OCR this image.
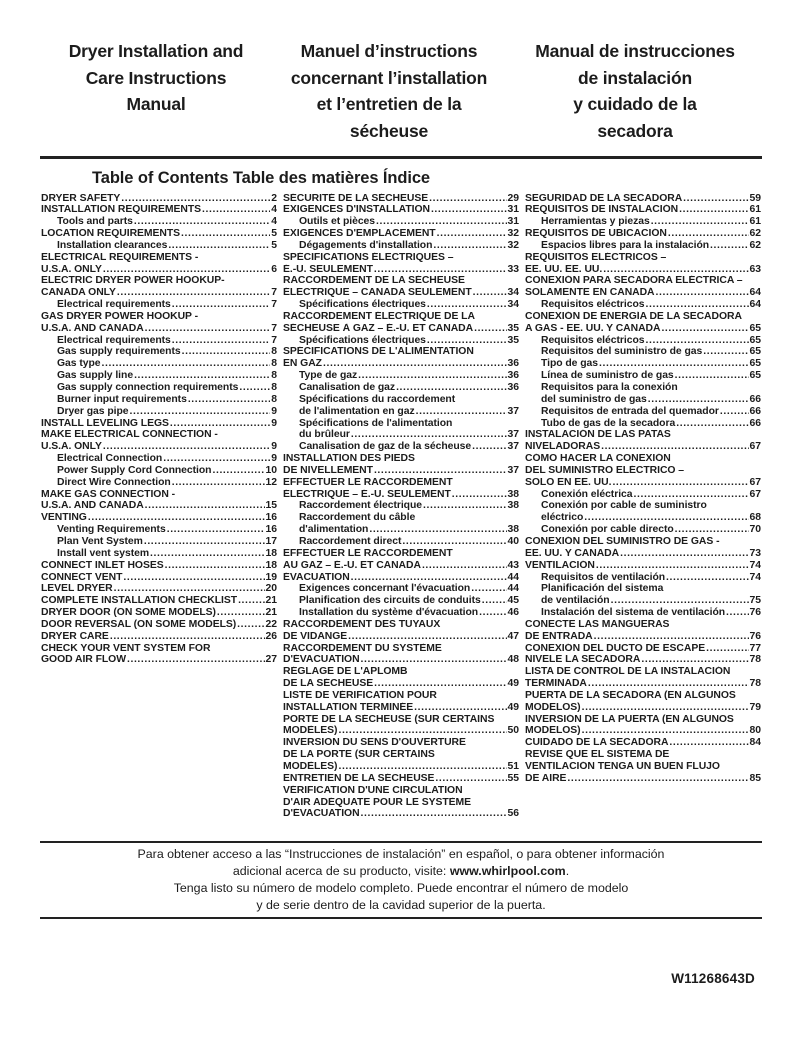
Dryer Installation and
Care Instructions
Manual
Manuel d’instructions
concernant l’installation
et l’entretien de la
sécheuse
Manual de instrucciones
de instalación
y cuidado de la
secadora
Table of Contents Table des matières Índice
DRYER SAFETY .....	2
INSTALLATION REQUIREMENTS .....	4
Tools and parts .....	4
LOCATION REQUIREMENTS .....	5
Installation clearances .....	5
ELECTRICAL REQUIREMENTS -
U.S.A. ONLY .....	6
ELECTRIC DRYER POWER HOOKUP-
CANADA ONLY .....	7
Electrical requirements .....	7
GAS DRYER POWER HOOKUP -
U.S.A. AND CANADA .....	7
Electrical requirements .....	7
Gas supply requirements .....	8
Gas type .....	8
Gas supply line .....	8
Gas supply connection requirements .....	8
Burner input requirements .....	8
Dryer gas pipe .....	9
INSTALL LEVELING LEGS .....	9
MAKE ELECTRICAL CONNECTION -
U.S.A. ONLY .....	9
Electrical Connection .....	9
Power Supply Cord Connection .....	10
Direct Wire Connection .....	12
MAKE GAS CONNECTION -
U.S.A. AND CANADA .....	15
VENTING .....	16
Venting Requirements .....	16
Plan Vent System .....	17
Install vent system .....	18
CONNECT INLET HOSES .....	18
CONNECT VENT .....	19
LEVEL DRYER .....	20
COMPLETE INSTALLATION CHECKLIST .....	21
DRYER DOOR (ON SOME MODELS) .....	21
DOOR REVERSAL (ON SOME MODELS) .....	22
DRYER CARE .....	26
CHECK YOUR VENT SYSTEM FOR
GOOD AIR FLOW .....	27
SÉCURITÉ DE LA SÉCHEUSE .....	29
EXIGENCES D'INSTALLATION .....	31
Outils et pièces .....	31
EXIGENCES D'EMPLACEMENT .....	32
Dégagements d'installation .....	32
SPÉCIFICATIONS ÉLECTRIQUES –
É.-U. SEULEMENT .....	33
RACCORDEMENT DE LA SÉCHEUSE
ÉLECTRIQUE – CANADA SEULEMENT .....	34
Spécifications électriques .....	34
RACCORDEMENT ÉLECTRIQUE DE LA
SÉCHEUSE À GAZ – É.-U. ET CANADA .....	35
Spécifications électriques .....	35
SPÉCIFICATIONS DE L'ALIMENTATION
EN GAZ .....	36
Type de gaz .....	36
Canalisation de gaz .....	36
Spécifications du raccordement
de l'alimentation en gaz .....	37
Spécifications de l'alimentation
du brûleur .....	37
Canalisation de gaz de la sécheuse .....	37
INSTALLATION DES PIEDS
DE NIVELLEMENT .....	37
EFFECTUER LE RACCORDEMENT
ÉLECTRIQUE – É.-U. SEULEMENT .....	38
Raccordement électrique .....	38
Raccordement du câble
d'alimentation .....	38
Raccordement direct .....	40
EFFECTUER LE RACCORDEMENT
AU GAZ – É.-U. ET CANADA .....	43
ÉVACUATION .....	44
Exigences concernant l'évacuation .....	44
Planification des circuits de conduits .....	45
Installation du système d'évacuation .....	46
RACCORDEMENT DES TUYAUX
DE VIDANGE .....	47
RACCORDEMENT DU SYSTÈME
D'ÉVACUATION .....	48
RÉGLAGE DE L'APLOMB
DE LA SÉCHEUSE .....	49
LISTE DE VÉRIFICATION POUR
INSTALLATION TERMINÉE .....	49
PORTE DE LA SÉCHEUSE (SUR CERTAINS
MODÈLES) .....	50
INVERSION DU SENS D'OUVERTURE
DE LA PORTE (SUR CERTAINS
MODÈLES) .....	51
ENTRETIEN DE LA SÉCHEUSE .....	55
VÉRIFICATION D'UNE CIRCULATION
D'AIR ADÉQUATE POUR LE SYSTÈME
D'ÉVACUATION .....	56
SEGURIDAD DE LA SECADORA .....	59
REQUISITOS DE INSTALACIÓN .....	61
Herramientas y piezas .....	61
REQUISITOS DE UBICACIÓN .....	62
Espacios libres para la instalación .....	62
REQUISITOS ELÉCTRICOS –
EE. UU. EE. UU. .....	63
CONEXIÓN PARA SECADORA ELÉCTRICA –
SOLAMENTE EN CANADÁ .....	64
Requisitos eléctricos .....	64
CONEXIÓN DE ENERGÍA DE LA SECADORA
A GAS - EE. UU. Y CANADÁ .....	65
Requisitos eléctricos .....	65
Requisitos del suministro de gas .....	65
Tipo de gas .....	65
Línea de suministro de gas .....	65
Requisitos para la conexión
del suministro de gas .....	66
Requisitos de entrada del quemador .....	66
Tubo de gas de la secadora .....	66
INSTALACIÓN DE LAS PATAS
NIVELADORAS .....	67
CÓMO HACER LA CONEXIÓN
DEL SUMINISTRO ELÉCTRICO –
SOLO EN EE. UU. .....	67
Conexión eléctrica .....	67
Conexión por cable de suministro
eléctrico .....	68
Conexión por cable directo .....	70
CONEXIÓN DEL SUMINISTRO DE GAS -
EE. UU. Y CANADÁ .....	73
VENTILACIÓN .....	74
Requisitos de ventilación .....	74
Planificación del sistema
de ventilación .....	75
Instalación del sistema de ventilación ..... 76
CONECTE LAS MANGUERAS
DE ENTRADA .....	76
CONEXIÓN DEL DUCTO DE ESCAPE .....	77
NIVELE LA SECADORA .....	78
LISTA DE CONTROL DE LA INSTALACIÓN
TERMINADA .....	78
PUERTA DE LA SECADORA (EN ALGUNOS
MODELOS) .....	79
INVERSIÓN DE LA PUERTA (EN ALGUNOS
MODELOS) .....	80
CUIDADO DE LA SECADORA .....	84
REVISE QUE EL SISTEMA DE
VENTILACIÓN TENGA UN BUEN FLUJO
DE AIRE .....	85
Para obtener acceso a las “Instrucciones de instalación” en español, o para obtener información
adicional acerca de su producto, visite: www.whirlpool.com.
Tenga listo su número de modelo completo. Puede encontrar el número de modelo
y de serie dentro de la cavidad superior de la puerta.
W11268643D
